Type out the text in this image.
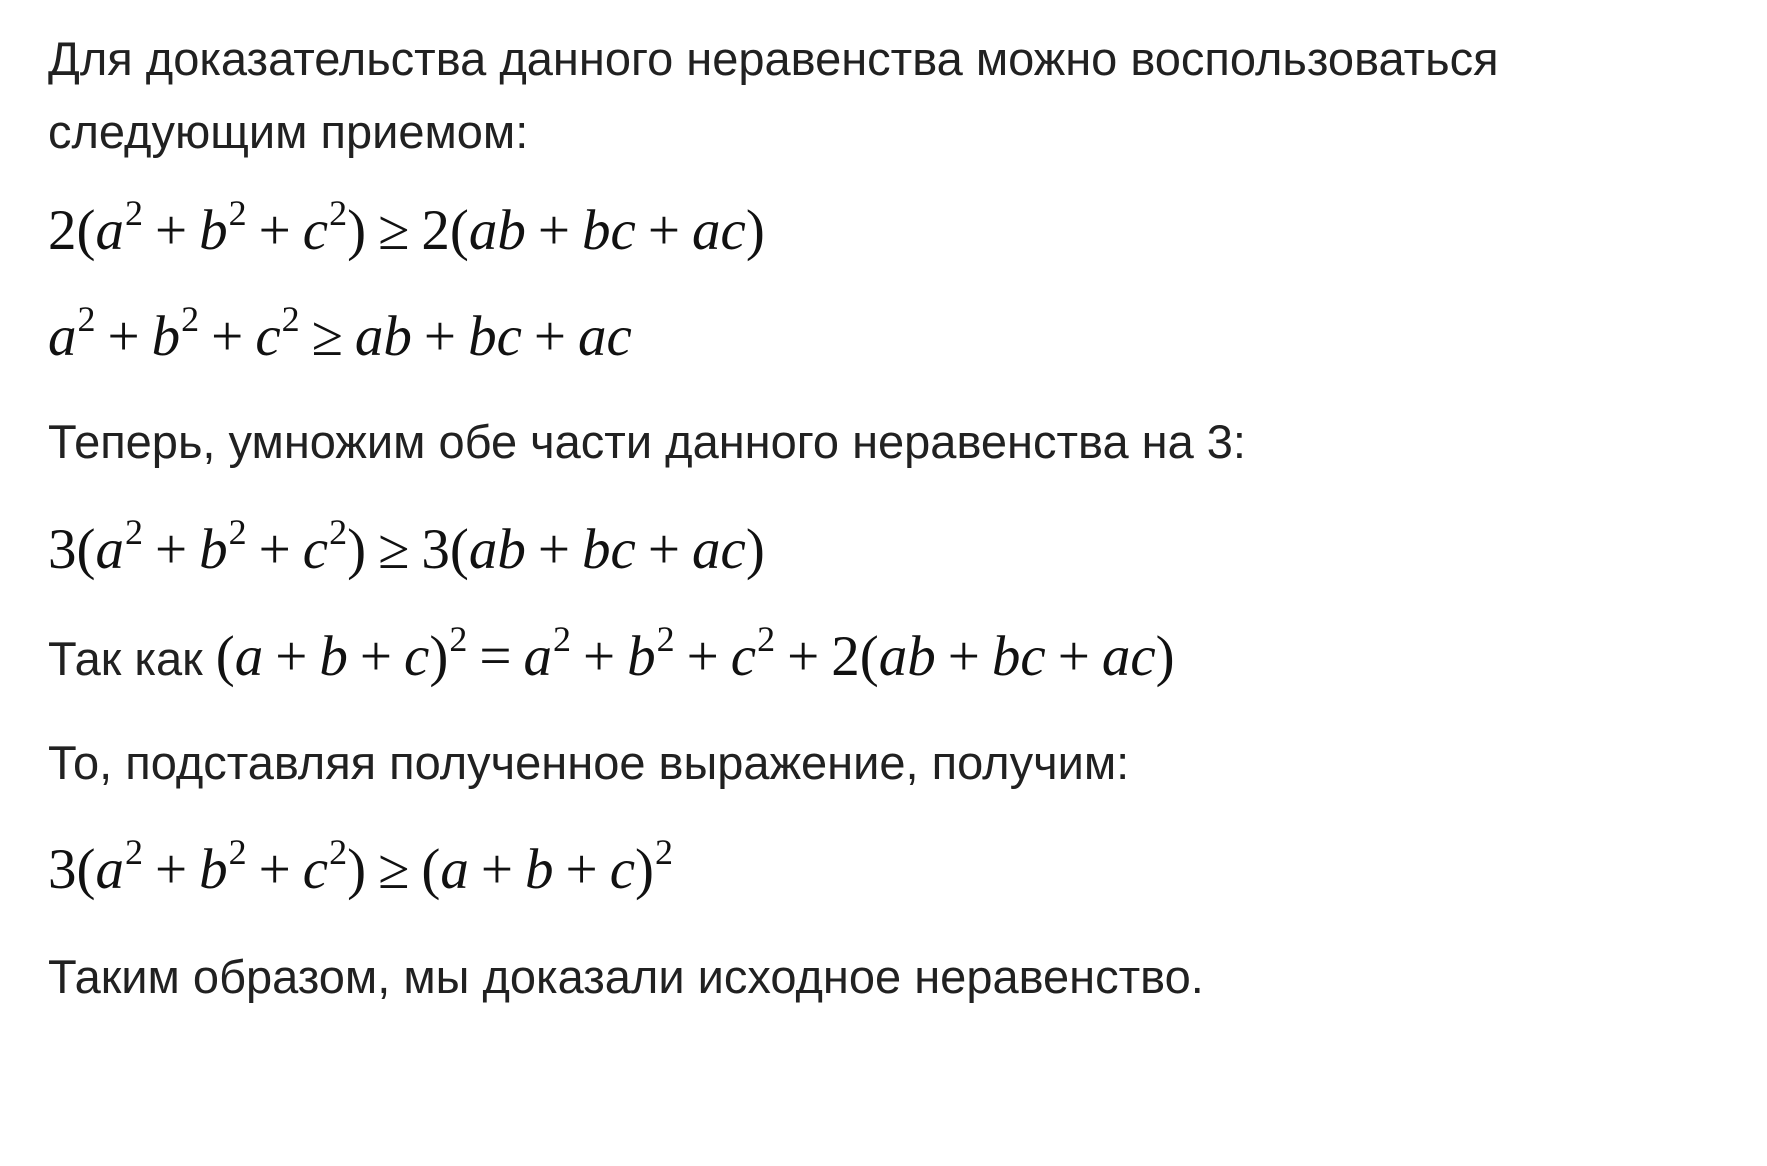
Для доказательства данного неравенства можно воспользоваться

следующим приемом:

$2(a^2 + b^2 + c^2) \ge 2(ab$ + bc + ac)
$a^2 + b^2 + c^2$ ≥ ab + bc + ac

Теперь, умножим обе части данного неравенства на 3:

$3(a^2 + b^2 + c^2) \ge 3(ab$ + bc + ac)
Так как $(a + b + c)^2 = a^2 + b^2 + c^2 + 2(ab$ + bc + ac)

То, подставляя полученное выражение, получим:

$3(a^2 + b^2 + c^2) \ge (a + b + c)^2$

Таким образом, мы доказали исходное неравенство.
